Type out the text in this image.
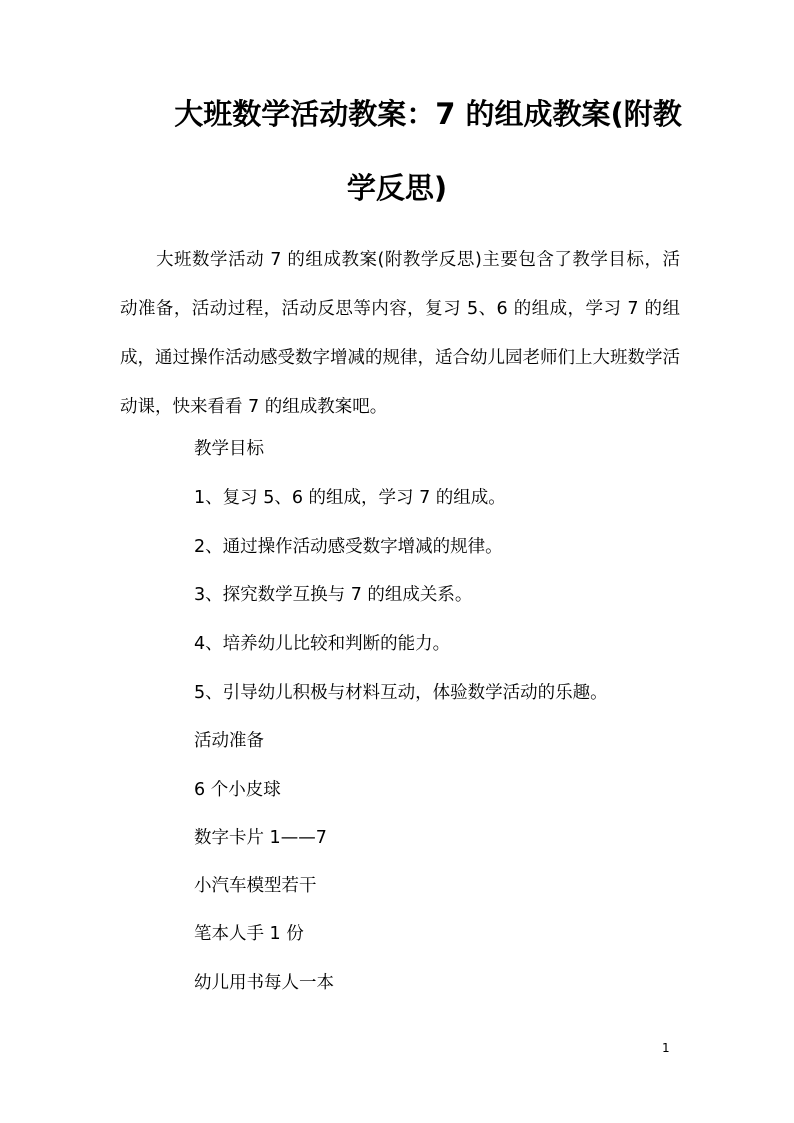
大班数学活动教案：7 的组成教案(附教
学反思)

大班数学活动 7 的组成教案(附教学反思)主要包含了教学目标，活动准备，活动过程，活动反思等内容，复习 5、6 的组成，学习 7 的组成，通过操作活动感受数字增减的规律，适合幼儿园老师们上大班数学活动课，快来看看 7 的组成教案吧。

教学目标

1、复习 5、6 的组成，学习 7 的组成。

2、通过操作活动感受数字增减的规律。

3、探究数学互换与 7 的组成关系。

4、培养幼儿比较和判断的能力。

5、引导幼儿积极与材料互动，体验数学活动的乐趣。

活动准备

6 个小皮球

数字卡片 1——7

小汽车模型若干

笔本人手 1 份

幼儿用书每人一本

1
